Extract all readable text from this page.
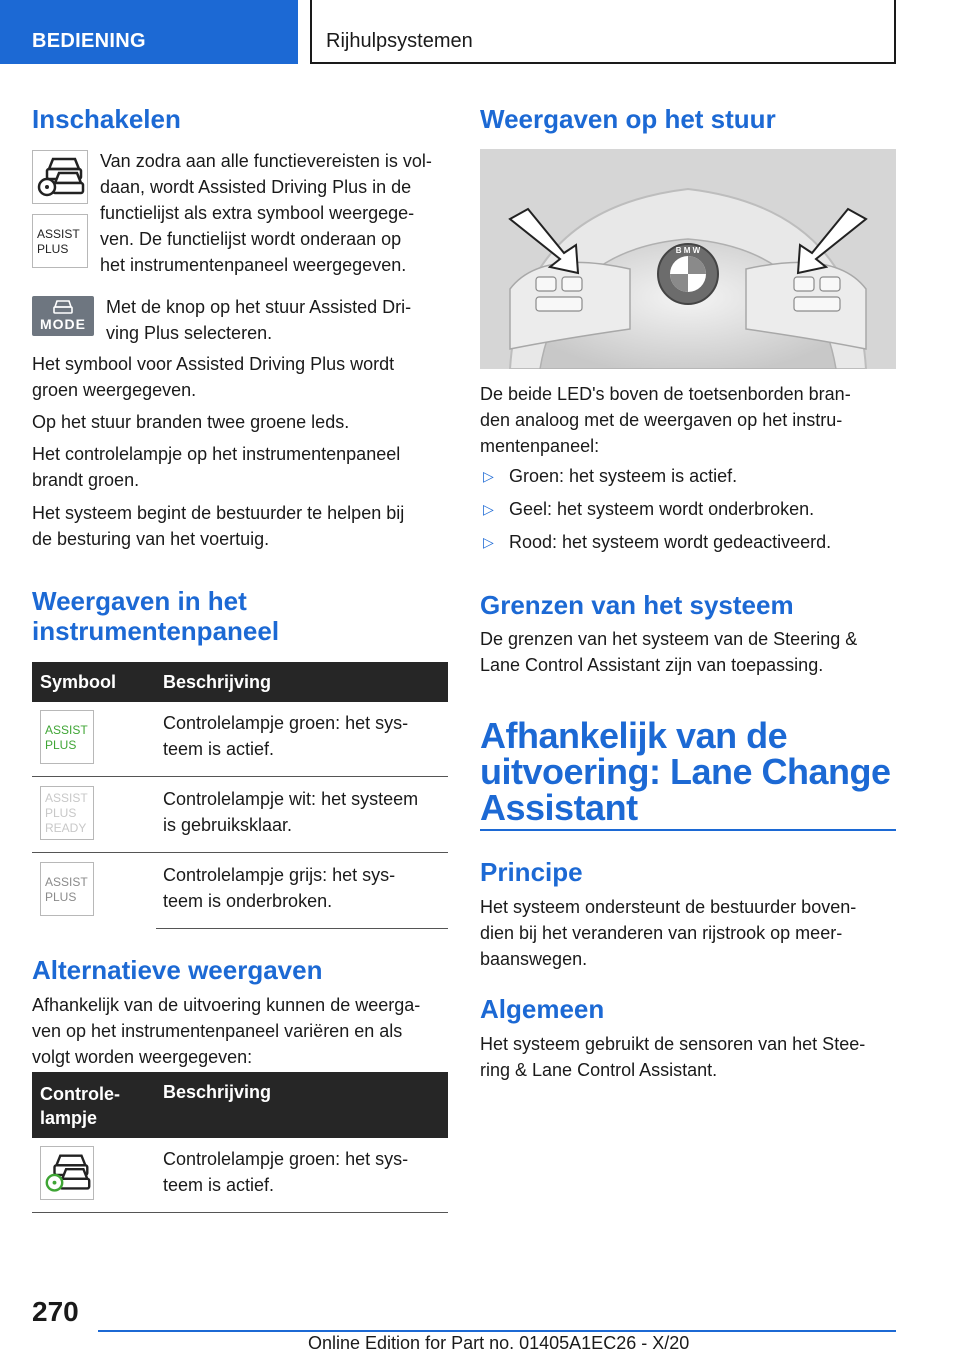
BEDIENING	Rijhulpsystemen
Inschakelen
ASSIST
PLUS
Van zodra aan alle functievereisten is vol-
daan, wordt Assisted Driving Plus in de
functielijst als extra symbool weergege-
ven. De functielijst wordt onderaan op
het instrumentenpaneel weergegeven.
MODE
Met de knop op het stuur Assisted Dri-
ving Plus selecteren.
Het symbool voor Assisted Driving Plus wordt
groen weergegeven.
Op het stuur branden twee groene leds.
Het controlelampje op het instrumentenpaneel
brandt groen.
Het systeem begint de bestuurder te helpen bij
de besturing van het voertuig.
Weergaven in het
instrumentenpaneel
Symbool	Beschrijving
ASSIST
PLUS
Controlelampje groen: het sys-
teem is actief.
ASSIST
PLUS
READY
Controlelampje wit: het systeem
is gebruiksklaar.
ASSIST
PLUS
Controlelampje grijs: het sys-
teem is onderbroken.
Alternatieve weergaven
Afhankelijk van de uitvoering kunnen de weerga-
ven op het instrumentenpaneel variëren en als
volgt worden weergegeven:
Controle-
lampje
Beschrijving
Controlelampje groen: het sys-
teem is actief.
Weergaven op het stuur
B M W
De beide LED's boven de toetsenborden bran-
den analoog met de weergaven op het instru-
mentenpaneel:
▷ Groen: het systeem is actief.
▷ Geel: het systeem wordt onderbroken.
▷ Rood: het systeem wordt gedeactiveerd.
Grenzen van het systeem
De grenzen van het systeem van de Steering &
Lane Control Assistant zijn van toepassing.
Afhankelijk van de
uitvoering: Lane Change
Assistant
Principe
Het systeem ondersteunt de bestuurder boven-
dien bij het veranderen van rijstrook op meer-
baanswegen.
Algemeen
Het systeem gebruikt de sensoren van het Stee-
ring & Lane Control Assistant.
270
Online Edition for Part no. 01405A1EC26 - X/20
